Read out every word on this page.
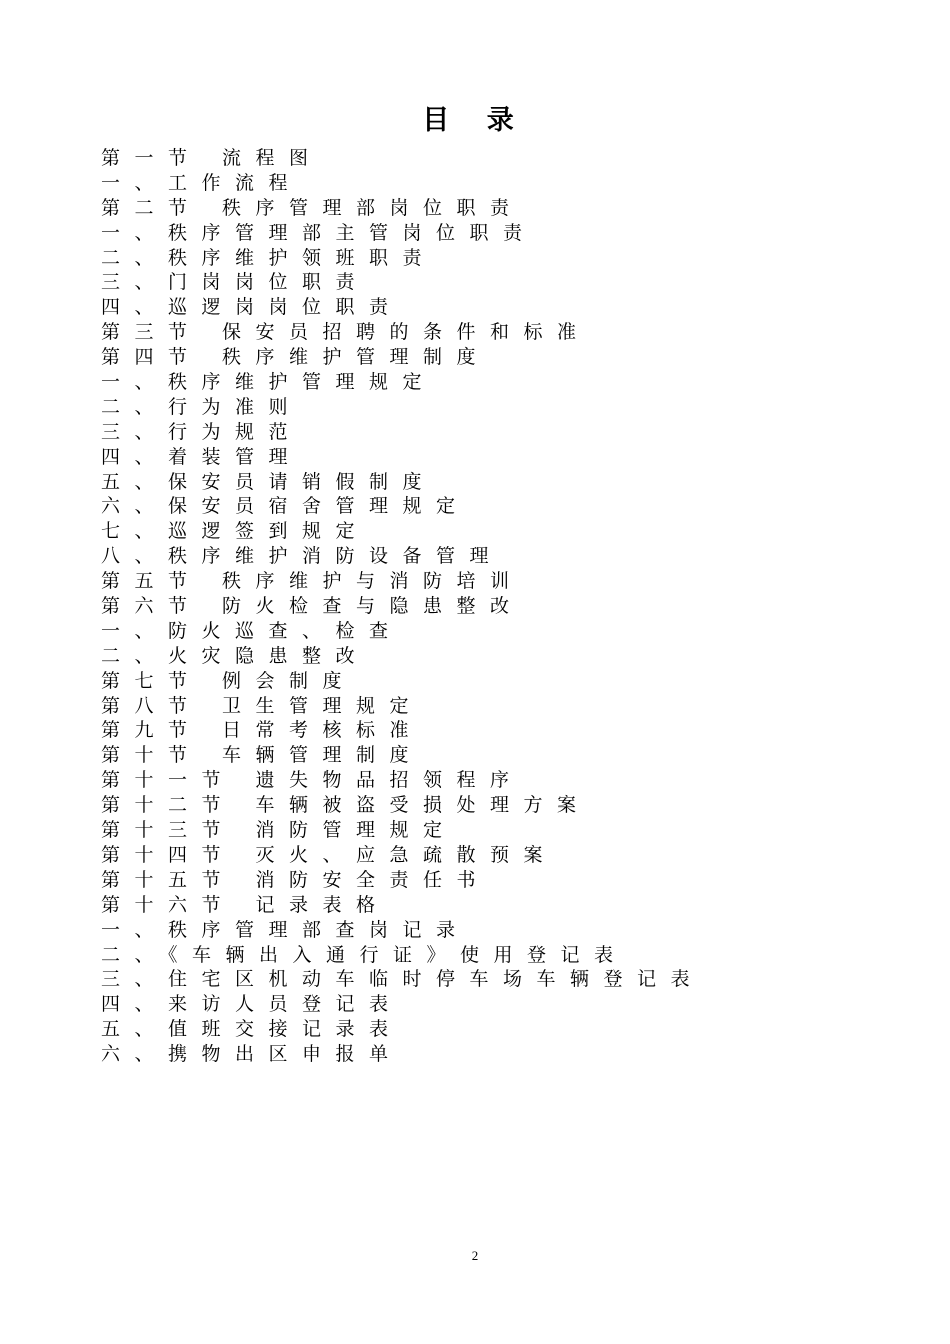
目 录
第一节 流程图
一、工作流程
第二节 秩序管理部岗位职责
一、秩序管理部主管岗位职责
二、秩序维护领班职责
三、门岗岗位职责
四、巡逻岗岗位职责
第三节 保安员招聘的条件和标准
第四节 秩序维护管理制度
一、秩序维护管理规定
二、行为准则
三、行为规范
四、着装管理
五、保安员请销假制度
六、保安员宿舍管理规定
七、巡逻签到规定
八、秩序维护消防设备管理
第五节 秩序维护与消防培训
第六节 防火检查与隐患整改
一、防火巡查、检查
二、火灾隐患整改
第七节 例会制度
第八节 卫生管理规定
第九节 日常考核标准
第十节 车辆管理制度
第十一节 遗失物品招领程序
第十二节 车辆被盗受损处理方案
第十三节 消防管理规定
第十四节 灭火、应急疏散预案
第十五节 消防安全责任书
第十六节 记录表格
一、秩序管理部查岗记录
二、《车辆出入通行证》使用登记表
三、住宅区机动车临时停车场车辆登记表
四、来访人员登记表
五、值班交接记录表
六、携物出区申报单
2
